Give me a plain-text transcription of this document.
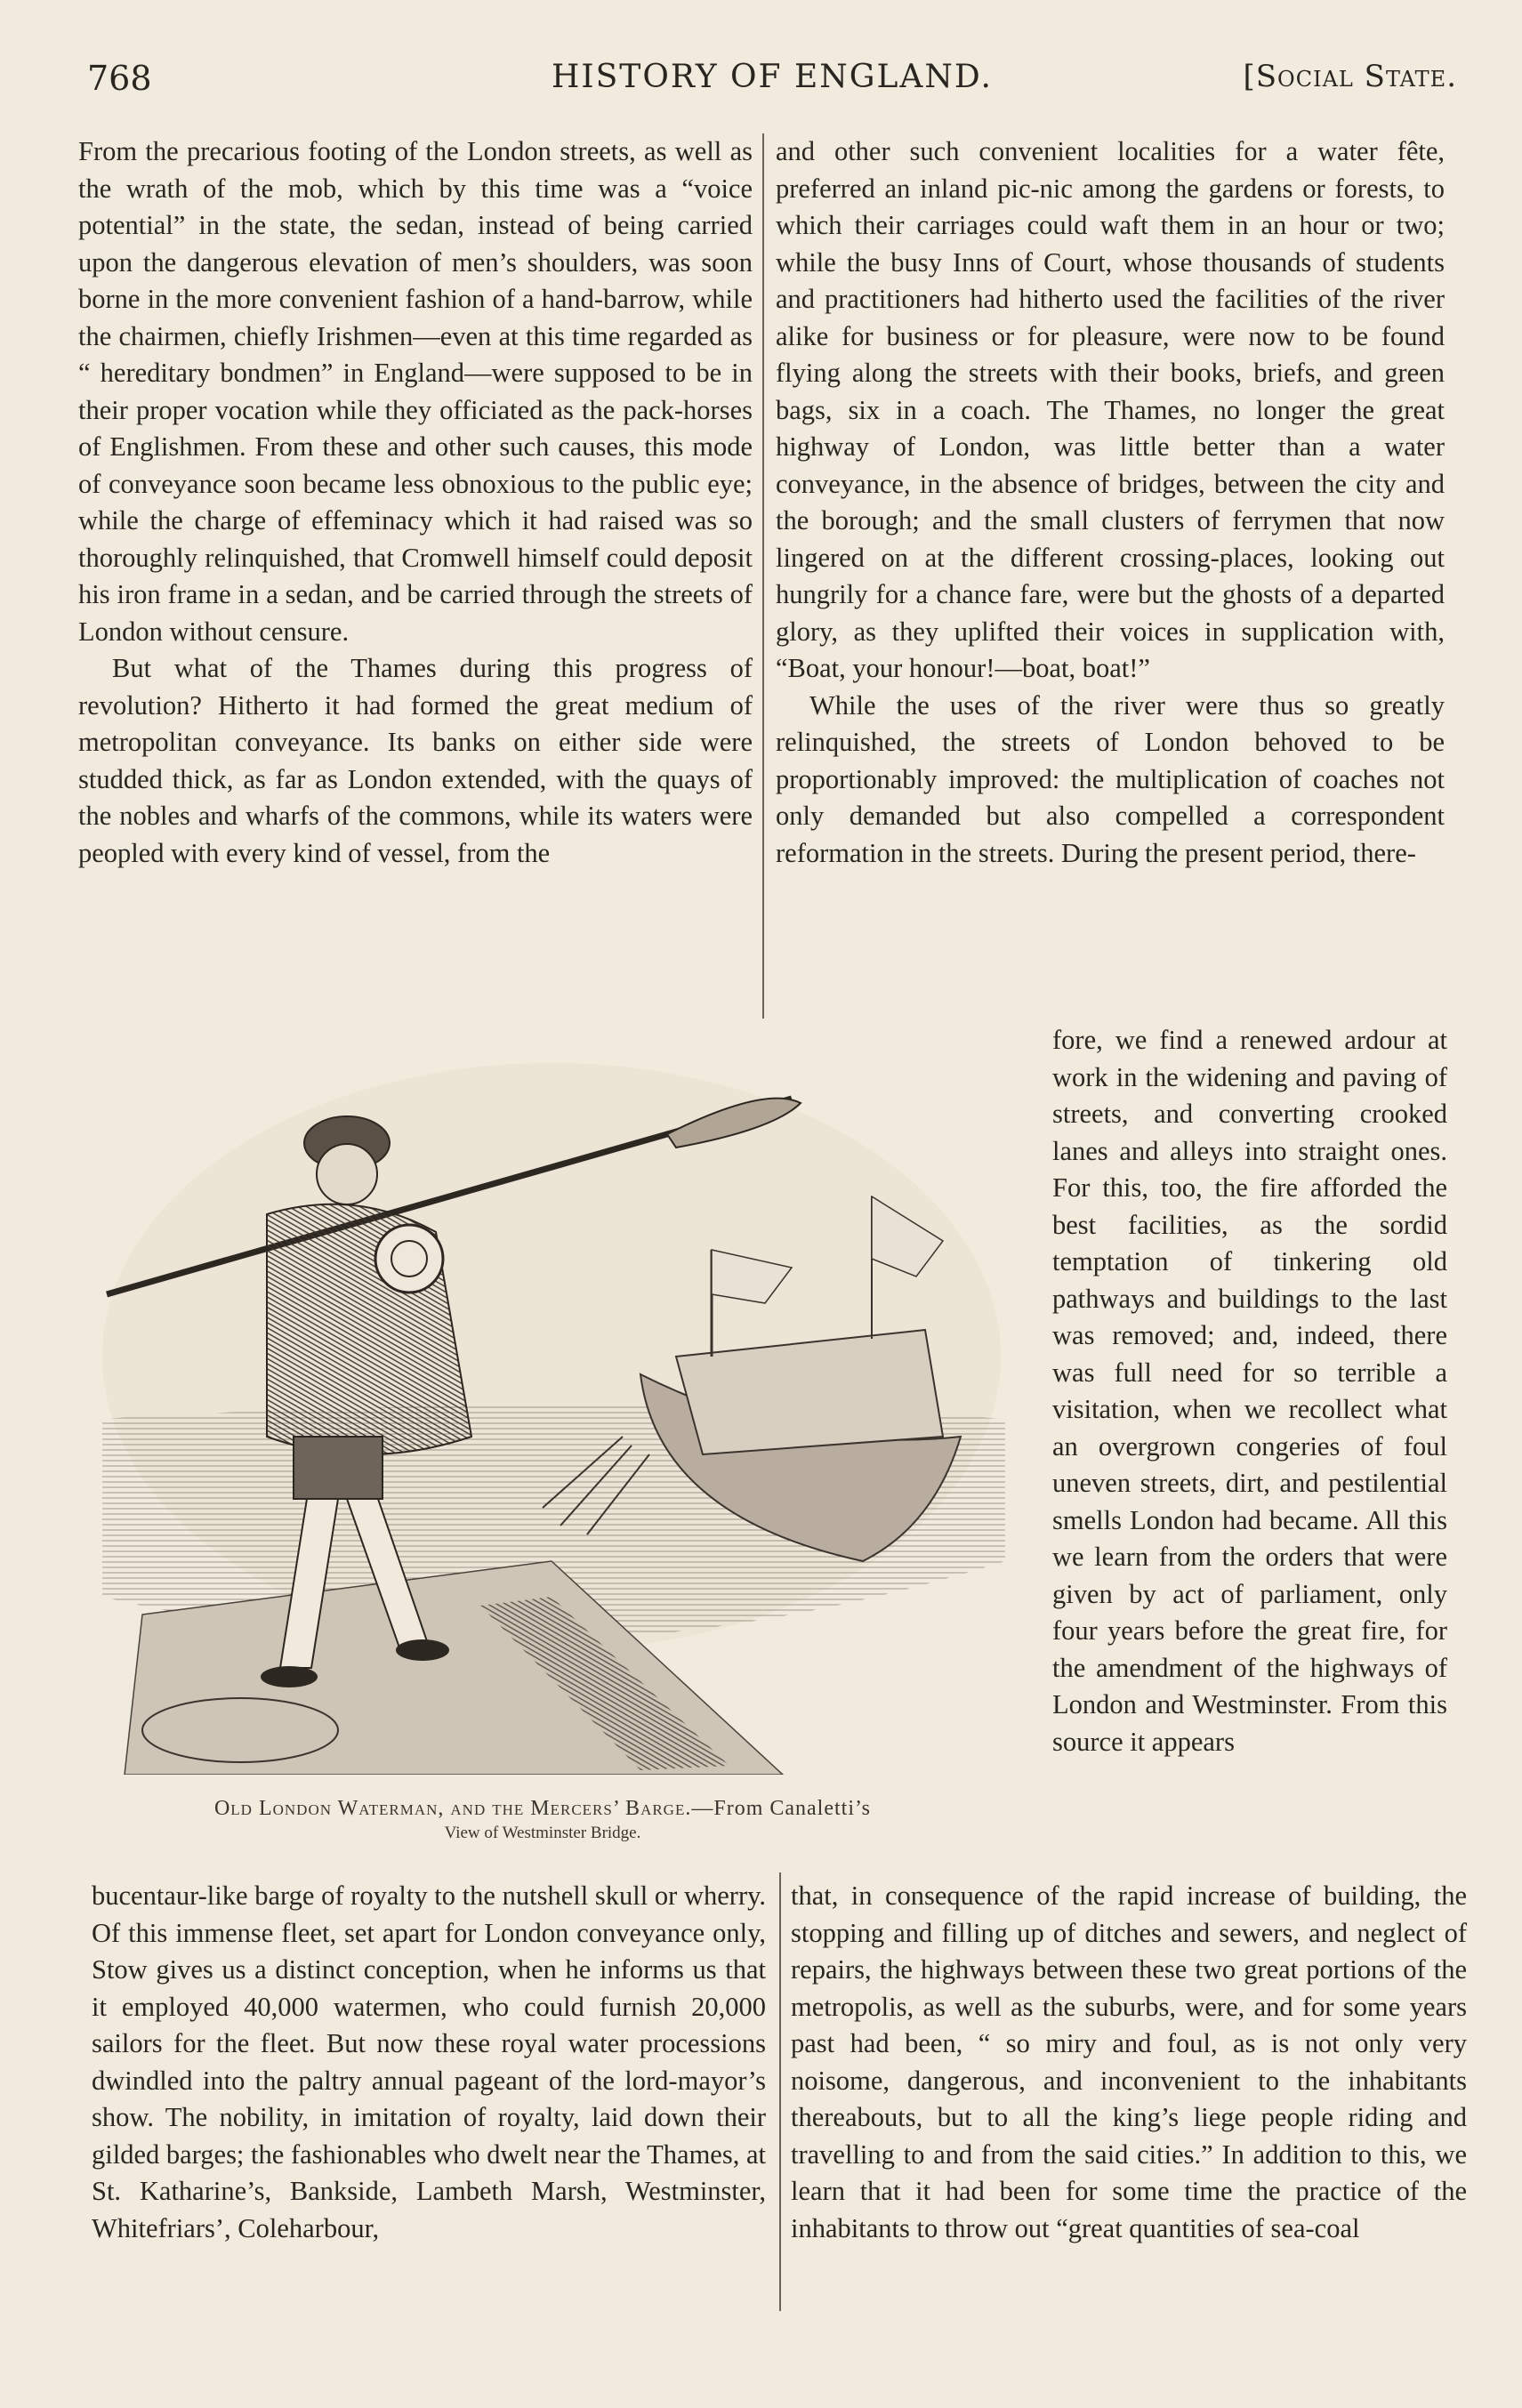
768	HISTORY OF ENGLAND.	[Social State.

From the precarious footing of the London streets, as well as the wrath of the mob, which by this time was a “voice potential” in the state, the sedan, instead of being carried upon the dangerous elevation of men’s shoulders, was soon borne in the more convenient fashion of a hand-barrow, while the chairmen, chiefly Irishmen—even at this time regarded as “ hereditary bondmen” in England—were supposed to be in their proper vocation while they officiated as the pack-horses of Englishmen. From these and other such causes, this mode of conveyance soon became less obnoxious to the public eye; while the charge of effeminacy which it had raised was so thoroughly relinquished, that Cromwell himself could deposit his iron frame in a sedan, and be carried through the streets of London without censure.

But what of the Thames during this progress of revolution? Hitherto it had formed the great medium of metropolitan conveyance. Its banks on either side were studded thick, as far as London extended, with the quays of the nobles and wharfs of the commons, while its waters were peopled with every kind of vessel, from the

and other such convenient localities for a water fête, preferred an inland pic-nic among the gardens or forests, to which their carriages could waft them in an hour or two; while the busy Inns of Court, whose thousands of students and practitioners had hitherto used the facilities of the river alike for business or for pleasure, were now to be found flying along the streets with their books, briefs, and green bags, six in a coach. The Thames, no longer the great highway of London, was little better than a water conveyance, in the absence of bridges, between the city and the borough; and the small clusters of ferrymen that now lingered on at the different crossing-places, looking out hungrily for a chance fare, were but the ghosts of a departed glory, as they uplifted their voices in supplication with, “Boat, your honour!—boat, boat!”

While the uses of the river were thus so greatly relinquished, the streets of London behoved to be proportionably improved: the multiplication of coaches not only demanded but also compelled a correspondent reformation in the streets. During the present period, there-

fore, we find a renewed ardour at work in the widening and paving of streets, and converting crooked lanes and alleys into straight ones. For this, too, the fire afforded the best facilities, as the sordid temptation of tinkering old pathways and buildings to the last was removed; and, indeed, there was full need for so terrible a visitation, when we recollect what an overgrown congeries of foul uneven streets, dirt, and pestilential smells London had became. All this we learn from the orders that were given by act of parliament, only four years before the great fire, for the amendment of the highways of London and Westminster. From this source it appears

Old London Waterman, and the Mercers’ Barge.—From Canaletti’s
View of Westminster Bridge.

bucentaur-like barge of royalty to the nutshell skull or wherry. Of this immense fleet, set apart for London conveyance only, Stow gives us a distinct conception, when he informs us that it employed 40,000 watermen, who could furnish 20,000 sailors for the fleet. But now these royal water processions dwindled into the paltry annual pageant of the lord-mayor’s show. The nobility, in imitation of royalty, laid down their gilded barges; the fashionables who dwelt near the Thames, at St. Katharine’s, Bankside, Lambeth Marsh, Westminster, Whitefriars’, Coleharbour,

that, in consequence of the rapid increase of building, the stopping and filling up of ditches and sewers, and neglect of repairs, the highways between these two great portions of the metropolis, as well as the suburbs, were, and for some years past had been, “ so miry and foul, as is not only very noisome, dangerous, and inconvenient to the inhabitants thereabouts, but to all the king’s liege people riding and travelling to and from the said cities.” In addition to this, we learn that it had been for some time the practice of the inhabitants to throw out “great quantities of sea-coal
